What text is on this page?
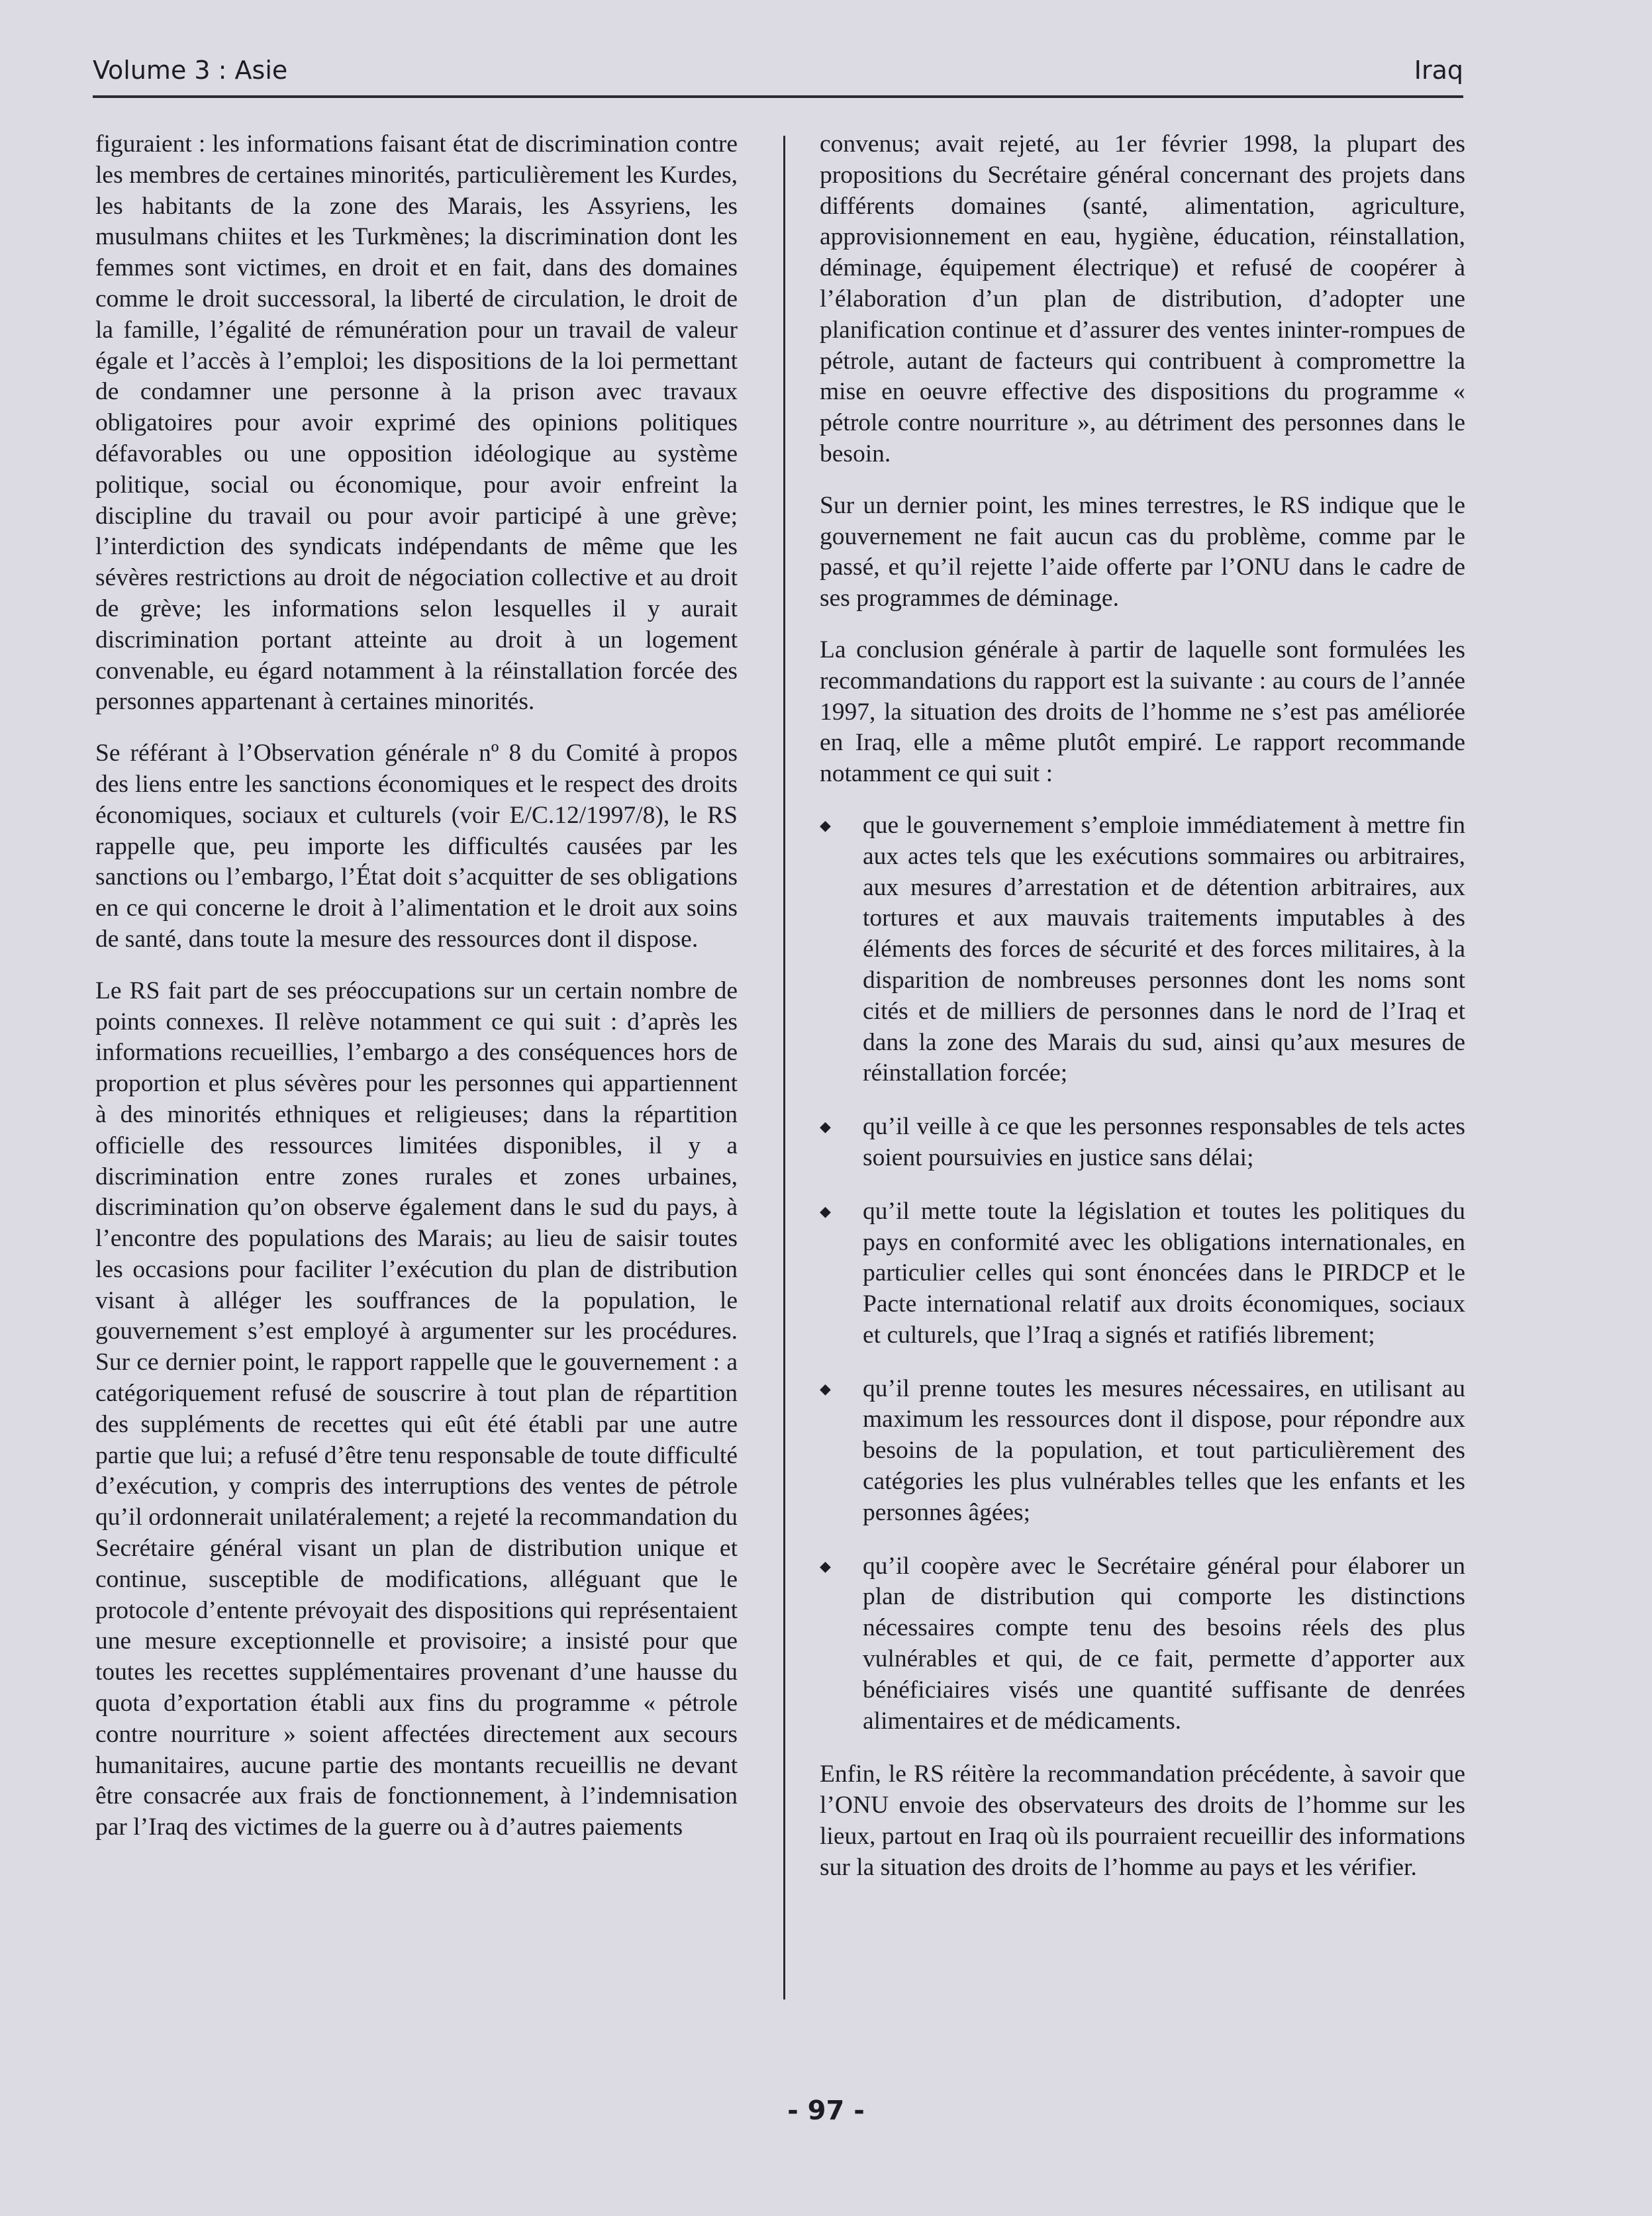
Volume 3 : Asie	Iraq

figuraient : les informations faisant état de discrimination contre les membres de certaines minorités, particulièrement les Kurdes, les habitants de la zone des Marais, les Assyriens, les musulmans chiites et les Turkmènes; la discrimination dont les femmes sont victimes, en droit et en fait, dans des domaines comme le droit successoral, la liberté de circulation, le droit de la famille, l’égalité de rémunération pour un travail de valeur égale et l’accès à l’emploi; les dispositions de la loi permettant de condamner une personne à la prison avec travaux obligatoires pour avoir exprimé des opinions politiques défavorables ou une opposition idéologique au système politique, social ou économique, pour avoir enfreint la discipline du travail ou pour avoir participé à une grève; l’interdiction des syndicats indépendants de même que les sévères restrictions au droit de négociation collective et au droit de grève; les informations selon lesquelles il y aurait discrimination portant atteinte au droit à un logement convenable, eu égard notamment à la réinstallation forcée des personnes appartenant à certaines minorités.

Se référant à l’Observation générale nº 8 du Comité à propos des liens entre les sanctions économiques et le respect des droits économiques, sociaux et culturels (voir E/C.12/1997/8), le RS rappelle que, peu importe les difficultés causées par les sanctions ou l’embargo, l’État doit s’acquitter de ses obligations en ce qui concerne le droit à l’alimentation et le droit aux soins de santé, dans toute la mesure des ressources dont il dispose.

Le RS fait part de ses préoccupations sur un certain nombre de points connexes. Il relève notamment ce qui suit : d’après les informations recueillies, l’embargo a des conséquences hors de proportion et plus sévères pour les personnes qui appartiennent à des minorités ethniques et religieuses; dans la répartition officielle des ressources limitées disponibles, il y a discrimination entre zones rurales et zones urbaines, discrimination qu’on observe également dans le sud du pays, à l’encontre des populations des Marais; au lieu de saisir toutes les occasions pour faciliter l’exécution du plan de distribution visant à alléger les souffrances de la population, le gouvernement s’est employé à argumenter sur les procédures. Sur ce dernier point, le rapport rappelle que le gouvernement : a catégoriquement refusé de souscrire à tout plan de répartition des suppléments de recettes qui eût été établi par une autre partie que lui; a refusé d’être tenu responsable de toute difficulté d’exécution, y compris des interruptions des ventes de pétrole qu’il ordonnerait unilatéralement; a rejeté la recommandation du Secrétaire général visant un plan de distribution unique et continue, susceptible de modifications, alléguant que le protocole d’entente prévoyait des dispositions qui représentaient une mesure exceptionnelle et provisoire; a insisté pour que toutes les recettes supplémentaires provenant d’une hausse du quota d’exportation établi aux fins du programme « pétrole contre nourriture » soient affectées directement aux secours humanitaires, aucune partie des montants recueillis ne devant être consacrée aux frais de fonctionnement, à l’indemnisation par l’Iraq des victimes de la guerre ou à d’autres paiements

convenus; avait rejeté, au 1er février 1998, la plupart des propositions du Secrétaire général concernant des projets dans différents domaines (santé, alimentation, agriculture, approvisionnement en eau, hygiène, éducation, réinstallation, déminage, équipement électrique) et refusé de coopérer à l’élaboration d’un plan de distribution, d’adopter une planification continue et d’assurer des ventes ininter-rompues de pétrole, autant de facteurs qui contribuent à compromettre la mise en oeuvre effective des dispositions du programme « pétrole contre nourriture », au détriment des personnes dans le besoin.

Sur un dernier point, les mines terrestres, le RS indique que le gouvernement ne fait aucun cas du problème, comme par le passé, et qu’il rejette l’aide offerte par l’ONU dans le cadre de ses programmes de déminage.

La conclusion générale à partir de laquelle sont formulées les recommandations du rapport est la suivante : au cours de l’année 1997, la situation des droits de l’homme ne s’est pas améliorée en Iraq, elle a même plutôt empiré. Le rapport recommande notamment ce qui suit :

◆ que le gouvernement s’emploie immédiatement à mettre fin aux actes tels que les exécutions sommaires ou arbitraires, aux mesures d’arrestation et de détention arbitraires, aux tortures et aux mauvais traitements imputables à des éléments des forces de sécurité et des forces militaires, à la disparition de nombreuses personnes dont les noms sont cités et de milliers de personnes dans le nord de l’Iraq et dans la zone des Marais du sud, ainsi qu’aux mesures de réinstallation forcée;
◆ qu’il veille à ce que les personnes responsables de tels actes soient poursuivies en justice sans délai;
◆ qu’il mette toute la législation et toutes les politiques du pays en conformité avec les obligations internationales, en particulier celles qui sont énoncées dans le PIRDCP et le Pacte international relatif aux droits économiques, sociaux et culturels, que l’Iraq a signés et ratifiés librement;
◆ qu’il prenne toutes les mesures nécessaires, en utilisant au maximum les ressources dont il dispose, pour répondre aux besoins de la population, et tout particulièrement des catégories les plus vulnérables telles que les enfants et les personnes âgées;
◆ qu’il coopère avec le Secrétaire général pour élaborer un plan de distribution qui comporte les distinctions nécessaires compte tenu des besoins réels des plus vulnérables et qui, de ce fait, permette d’apporter aux bénéficiaires visés une quantité suffisante de denrées alimentaires et de médicaments.

Enfin, le RS réitère la recommandation précédente, à savoir que l’ONU envoie des observateurs des droits de l’homme sur les lieux, partout en Iraq où ils pourraient recueillir des informations sur la situation des droits de l’homme au pays et les vérifier.

- 97 -
